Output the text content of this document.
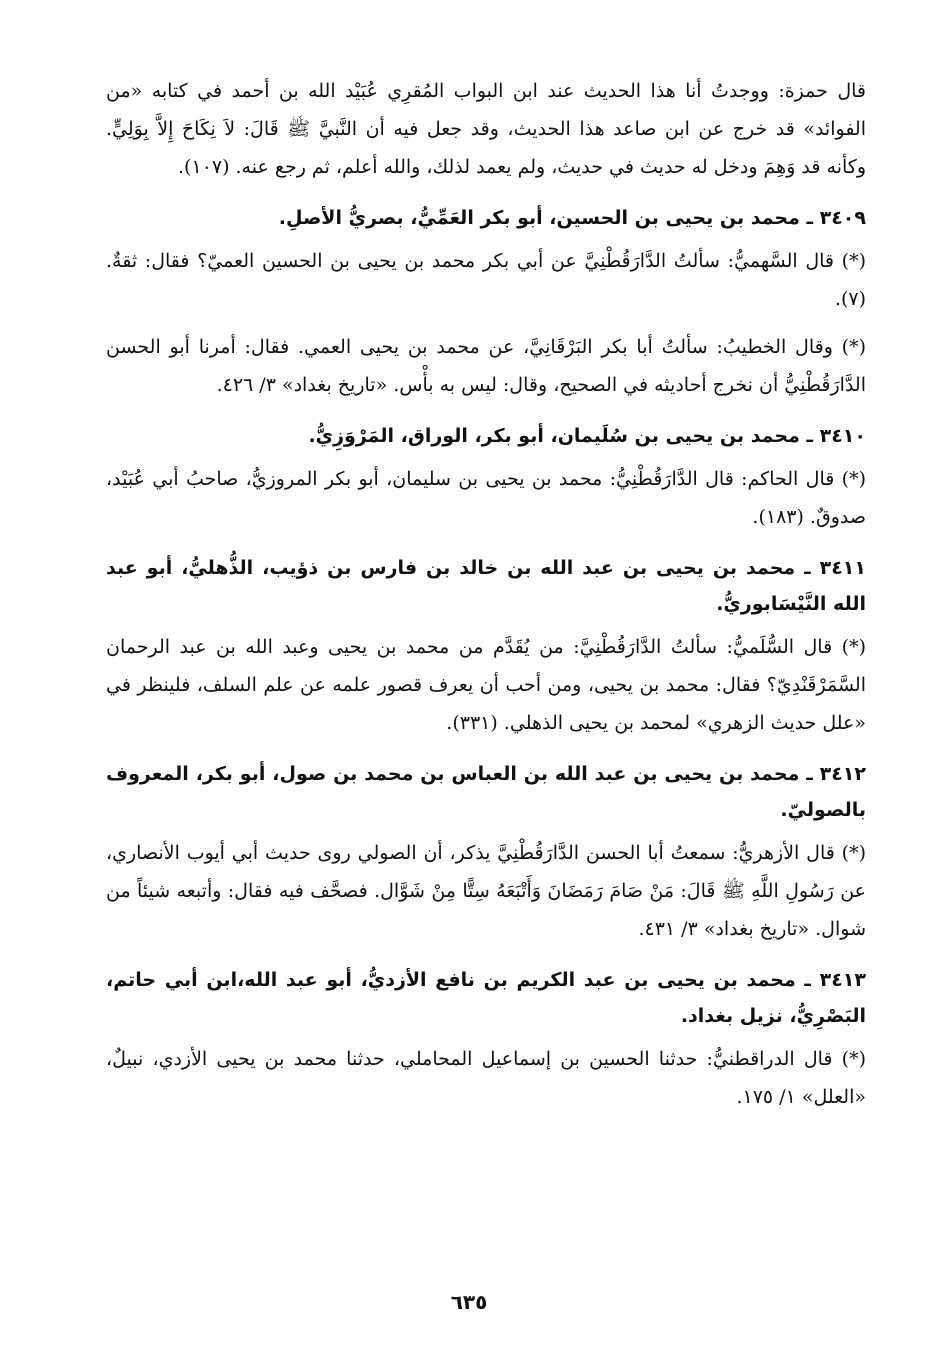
قال حمزة: ووجدتُ أنا هذا الحديث عند ابن البواب المُقرِي عُبَيْد الله بن أحمد في كتابه «من الفوائد» قد خرج عن ابن صاعد هذا الحديث، وقد جعل فيه أن النَّبيَّ ﷺ قَالَ: لاَ نِكَاحَ إِلاَّ بِوَلِيٍّ. وكأنه قد وَهِمَ ودخل له حديث في حديث، ولم يعمد لذلك، والله أعلم، ثم رجع عنه. (١٠٧).

٣٤٠٩ ـ محمد بن يحيى بن الحسين، أبو بكر العَمِّيُّ، بصريُّ الأصلِ.

(*) قال السَّهميُّ: سألتُ الدَّارَقُطْنِيَّ عن أبي بكر محمد بن يحيى بن الحسين العميّ؟ فقال: ثقةٌ. (٧).

(*) وقال الخطيبُ: سألتُ أبا بكر البَرْقَانِيَّ، عن محمد بن يحيى العمي. فقال: أمرنا أبو الحسن الدَّارَقُطْنِيُّ أن نخرج أحاديثه في الصحيح، وقال: ليس به بأْس. «تاريخ بغداد» ٣/ ٤٢٦.

٣٤١٠ ـ محمد بن يحيى بن سُلَيمان، أبو بكر، الوراق، المَرْوَزِيُّ.

(*) قال الحاكم: قال الدَّارَقُطْنِيُّ: محمد بن يحيى بن سليمان، أبو بكر المروزيُّ، صاحبُ أبي عُبَيْد، صدوقٌ. (١٨٣).

٣٤١١ ـ محمد بن يحيى بن عبد الله بن خالد بن فارس بن ذؤيب، الذُّهليُّ، أبو عبد الله النَّيْسَابوريُّ.

(*) قال السُّلَميُّ: سألتُ الدَّارَقُطْنِيَّ: من يُقَدَّم من محمد بن يحيى وعبد الله بن عبد الرحمان السَّمَرْقَنْدِيّ؟ فقال: محمد بن يحيى، ومن أحب أن يعرف قصور علمه عن علم السلف، فلينظر في «علل حديث الزهري» لمحمد بن يحيى الذهلي. (٣٣١).

٣٤١٢ ـ محمد بن يحيى بن عبد الله بن العباس بن محمد بن صول، أبو بكر، المعروف بالصوليّ.

(*) قال الأزهريُّ: سمعتُ أبا الحسن الدَّارَقُطْنِيَّ يذكر، أن الصولي روى حديث أبي أيوب الأنصاري، عن رَسُولِ اللَّهِ ﷺ قَالَ: مَنْ صَامَ رَمَضَانَ وَأَتْبَعَهُ سِتًّا مِنْ شَوَّال. فصحَّف فيه فقال: وأتبعه شيئاً من شوال. «تاريخ بغداد» ٣/ ٤٣١.

٣٤١٣ ـ محمد بن يحيى بن عبد الكريم بن نافع الأزديُّ، أبو عبد الله،ابن أبي حاتم، البَصْرِيُّ، نزيل بغداد.

(*) قال الدراقطنيُّ: حدثنا الحسين بن إسماعيل المحاملي، حدثنا محمد بن يحيى الأزدي، نبيلٌ، «العلل» ١/ ١٧٥.

٦٣٥
